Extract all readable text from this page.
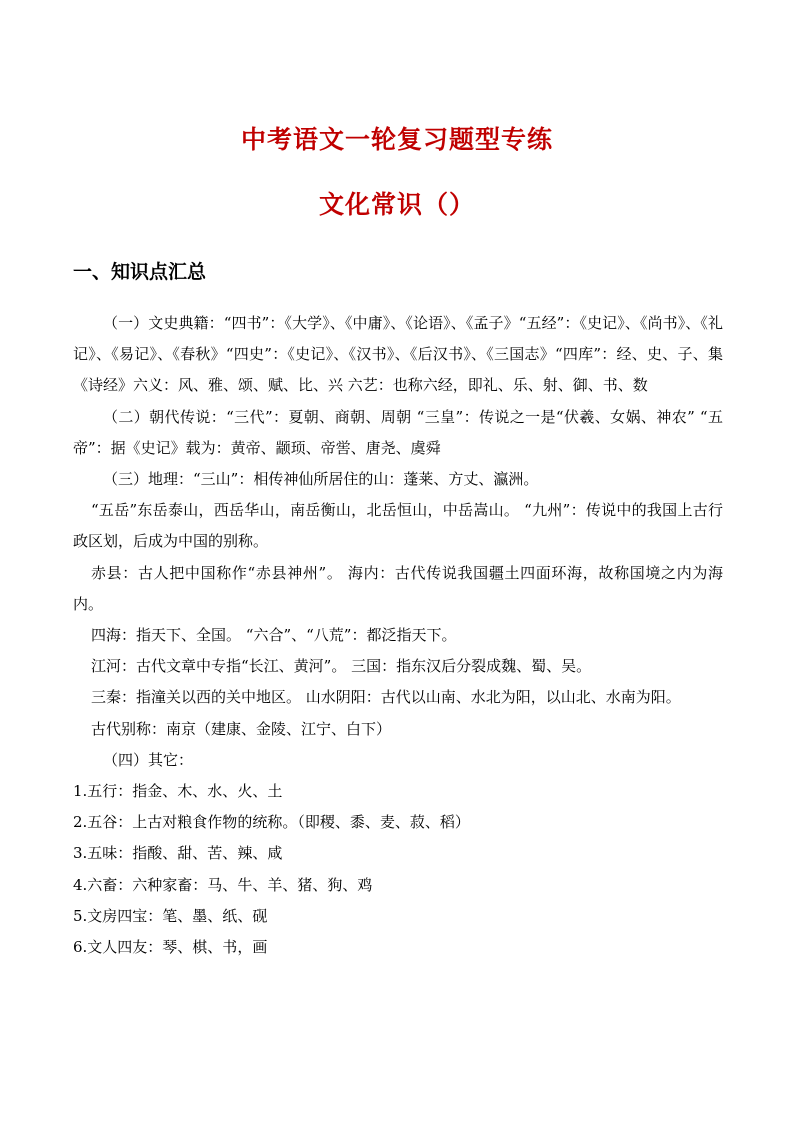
中考语文一轮复习题型专练
文化常识（）
一、知识点汇总

（一）文史典籍：“四书”：《大学》、《中庸》、《论语》、《孟子》“五经”：《史记》、《尚书》、《礼记》、《易记》、《春秋》“四史”：《史记》、《汉书》、《后汉书》、《三国志》“四库”：经、史、子、集 《诗经》六义：风、雅、颂、赋、比、兴 六艺：也称六经，即礼、乐、射、御、书、数

（二）朝代传说：“三代”：夏朝、商朝、周朝 “三皇”：传说之一是“伏羲、女娲、神农” “五帝”：据《史记》载为：黄帝、颛顼、帝喾、唐尧、虞舜

（三）地理：“三山”：相传神仙所居住的山：蓬莱、方丈、瀛洲。

“五岳”东岳泰山，西岳华山，南岳衡山，北岳恒山，中岳嵩山。 “九州”：传说中的我国上古行政区划，后成为中国的别称。

赤县：古人把中国称作“赤县神州”。 海内：古代传说我国疆土四面环海，故称国境之内为海内。

四海：指天下、全国。 “六合”、“八荒”：都泛指天下。

江河：古代文章中专指“长江、黄河”。 三国：指东汉后分裂成魏、蜀、吴。

三秦：指潼关以西的关中地区。 山水阴阳：古代以山南、水北为阳，以山北、水南为阳。

古代别称：南京（建康、金陵、江宁、白下）

（四）其它：

1.五行：指金、木、水、火、土
2.五谷：上古对粮食作物的统称。（即稷、黍、麦、菽、稻）
3.五味：指酸、甜、苦、辣、咸
4.六畜：六种家畜：马、牛、羊、猪、狗、鸡
5.文房四宝：笔、墨、纸、砚
6.文人四友：琴、棋、书，画
